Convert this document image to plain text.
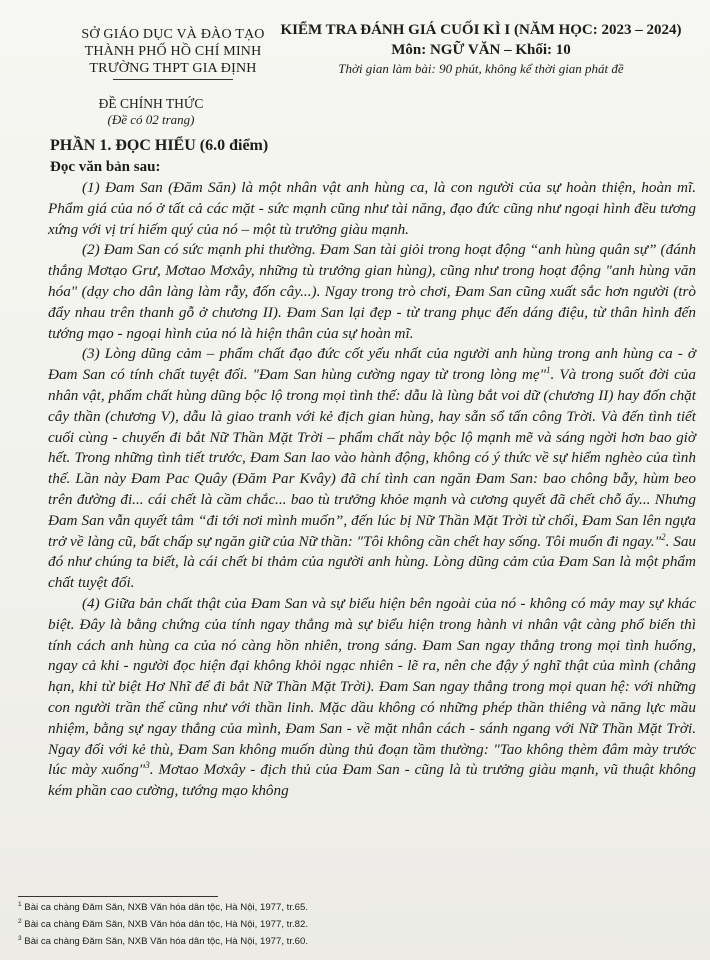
SỞ GIÁO DỤC VÀ ĐÀO TẠO
THÀNH PHỐ HỒ CHÍ MINH
TRƯỜNG THPT GIA ĐỊNH
KIỂM TRA ĐÁNH GIÁ CUỐI KÌ I (NĂM HỌC: 2023 – 2024)
Môn: NGỮ VĂN – Khối: 10
Thời gian làm bài: 90 phút, không kể thời gian phát đề
ĐỀ CHÍNH THỨC
(Đề có 02 trang)
PHẦN 1. ĐỌC HIỂU (6.0 điểm)
Đọc văn bản sau:

(1) Đam San (Đăm Săn) là một nhân vật anh hùng ca, là con người của sự hoàn thiện, hoàn mĩ. Phẩm giá của nó ở tất cả các mặt - sức mạnh cũng như tài năng, đạo đức cũng như ngoại hình đều tương xứng với vị trí hiếm quý của nó – một tù trưởng giàu mạnh.

(2) Đam San có sức mạnh phi thường. Đam San tài giỏi trong hoạt động “anh hùng quân sự” (đánh thắng Mơtạo Grư, Mơtao Mơxây, những tù trưởng gian hùng), cũng như trong hoạt động "anh hùng văn hóa" (dạy cho dân làng làm rẫy, đốn cây...). Ngay trong trò chơi, Đam San cũng xuất sắc hơn người (trò đẩy nhau trên thanh gỗ ở chương II). Đam San lại đẹp - từ trang phục đến dáng điệu, từ thân hình đến tướng mạo - ngoại hình của nó là hiện thân của sự hoàn mĩ.

(3) Lòng dũng cảm – phẩm chất đạo đức cốt yếu nhất của người anh hùng trong anh hùng ca - ở Đam San có tính chất tuyệt đối. "Đam San hùng cường ngay từ trong lòng mẹ"$^1$. Và trong suốt đời của nhân vật, phẩm chất hùng dũng bộc lộ trong mọi tình thế: dẫu là lùng bắt voi dữ (chương II) hay đốn chặt cây thần (chương V), dẫu là giao tranh với kẻ địch gian hùng, hay sẵn sổ tấn công Trời. Và đến tình tiết cuối cùng - chuyến đi bắt Nữ Thần Mặt Trời – phẩm chất này bộc lộ mạnh mẽ và sáng ngời hơn bao giờ hết. Trong những tình tiết trước, Đam San lao vào hành động, không có ý thức về sự hiểm nghèo của tình thế. Lần này Đam Pac Quây (Đăm Par Kvây) đã chí tình can ngăn Đam San: bao chông bẫy, hùm beo trên đường đi... cái chết là cầm chắc... bao tù trưởng khỏe mạnh và cương quyết đã chết chỗ ấy... Nhưng Đam San vẫn quyết tâm “đi tới nơi mình muốn”, đến lúc bị Nữ Thần Mặt Trời từ chối, Đam San lên ngựa trở về làng cũ, bất chấp sự ngăn giữ của Nữ thần: "Tôi không cần chết hay sống. Tôi muốn đi ngay."$^2$. Sau đó như chúng ta biết, là cái chết bi thảm của người anh hùng. Lòng dũng cảm của Đam San là một phẩm chất tuyệt đối.

(4) Giữa bản chất thật của Đam San và sự biểu hiện bên ngoài của nó - không có mảy may sự khác biệt. Đây là bằng chứng của tính ngay thẳng mà sự biểu hiện trong hành vi nhân vật càng phổ biến thì tính cách anh hùng ca của nó càng hồn nhiên, trong sáng. Đam San ngay thẳng trong mọi tình huống, ngay cả khi - người đọc hiện đại không khỏi ngạc nhiên - lẽ ra, nên che đậy ý nghĩ thật của mình (chẳng hạn, khi từ biệt Hơ Nhĩ để đi bắt Nữ Thần Mặt Trời). Đam San ngay thẳng trong mọi quan hệ: với những con người trần thế cũng như với thần linh. Mặc dầu không có những phép thần thiêng và năng lực mầu nhiệm, bằng sự ngay thẳng của mình, Đam San - về mặt nhân cách - sánh ngang với Nữ Thần Mặt Trời. Ngay đối với kẻ thù, Đam San không muốn dùng thủ đoạn tầm thường: "Tao không thèm đâm mày trước lúc mày xuống"$^3$. Mơtao Mơxây - địch thủ của Đam San - cũng là tù trưởng giàu mạnh, vũ thuật không kém phần cao cường, tướng mạo không

$^1$ Bài ca chàng Đăm Săn, NXB Văn hóa dân tộc, Hà Nội, 1977, tr.65.
$^2$ Bài ca chàng Đăm Săn, NXB Văn hóa dân tộc, Hà Nội, 1977, tr.82.
$^3$ Bài ca chàng Đăm Săn, NXB Văn hóa dân tộc, Hà Nội, 1977, tr.60.
